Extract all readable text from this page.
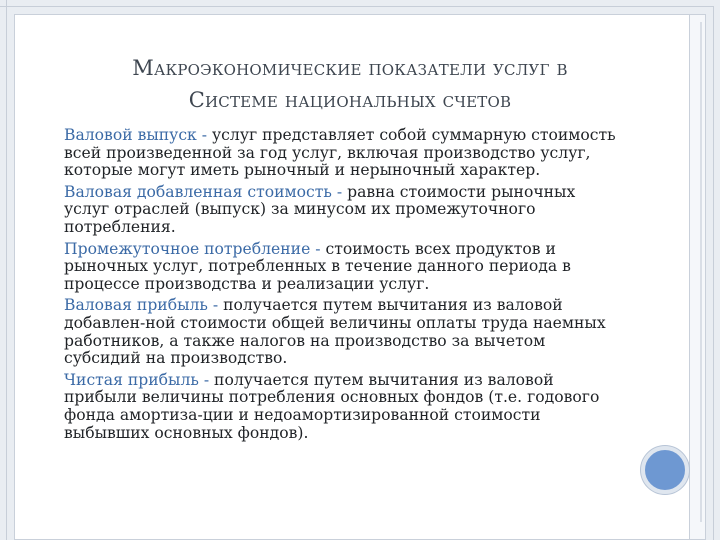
Макроэкономические показатели услуг в
Системе национальных счетов

Валовой выпуск - услуг представляет собой суммарную стоимость всей произведенной за год услуг, включая производство услуг, которые могут иметь рыночный и нерыночный характер.

Валовая добавленная стоимость - равна стоимости рыночных услуг отраслей (выпуск) за минусом их промежуточного потребления.

Промежуточное потребление - стоимость всех продуктов и рыночных услуг, потребленных в течение данного периода в процессе производства и реализации услуг.

Валовая прибыль - получается путем вычитания из валовой добавлен-ной стоимости общей величины оплаты труда наемных работников, а также налогов на производство за вычетом субсидий на производство.

Чистая прибыль - получается путем вычитания из валовой прибыли величины потребления основных фондов (т.е. годового фонда амортиза-ции и недоамортизированной стоимости выбывших основных фондов).
